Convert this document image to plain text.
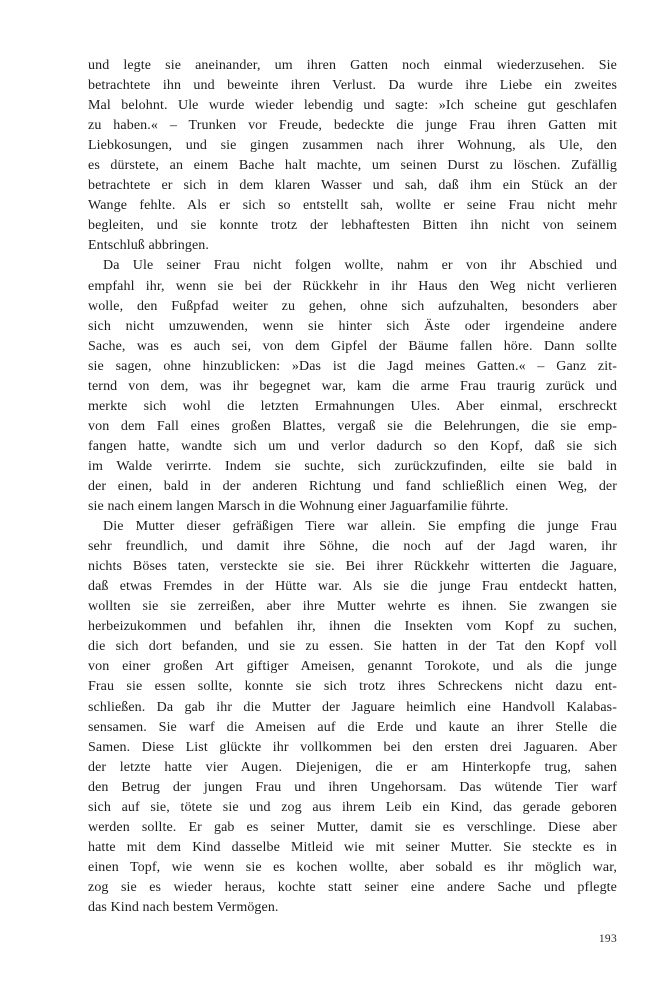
und legte sie aneinander, um ihren Gatten noch einmal wiederzusehen. Sie
betrachtete ihn und beweinte ihren Verlust. Da wurde ihre Liebe ein zweites
Mal belohnt. Ule wurde wieder lebendig und sagte: »Ich scheine gut geschlafen
zu haben.« – Trunken vor Freude, bedeckte die junge Frau ihren Gatten mit
Liebkosungen, und sie gingen zusammen nach ihrer Wohnung, als Ule, den
es dürstete, an einem Bache halt machte, um seinen Durst zu löschen. Zufällig
betrachtete er sich in dem klaren Wasser und sah, daß ihm ein Stück an der
Wange fehlte. Als er sich so entstellt sah, wollte er seine Frau nicht mehr
begleiten, und sie konnte trotz der lebhaftesten Bitten ihn nicht von seinem
Entschluß abbringen.
Da Ule seiner Frau nicht folgen wollte, nahm er von ihr Abschied und
empfahl ihr, wenn sie bei der Rückkehr in ihr Haus den Weg nicht verlieren
wolle, den Fußpfad weiter zu gehen, ohne sich aufzuhalten, besonders aber
sich nicht umzuwenden, wenn sie hinter sich Äste oder irgendeine andere
Sache, was es auch sei, von dem Gipfel der Bäume fallen höre. Dann sollte
sie sagen, ohne hinzublicken: »Das ist die Jagd meines Gatten.« – Ganz zit-
ternd von dem, was ihr begegnet war, kam die arme Frau traurig zurück und
merkte sich wohl die letzten Ermahnungen Ules. Aber einmal, erschreckt
von dem Fall eines großen Blattes, vergaß sie die Belehrungen, die sie emp-
fangen hatte, wandte sich um und verlor dadurch so den Kopf, daß sie sich
im Walde verirrte. Indem sie suchte, sich zurückzufinden, eilte sie bald in
der einen, bald in der anderen Richtung und fand schließlich einen Weg, der
sie nach einem langen Marsch in die Wohnung einer Jaguarfamilie führte.
Die Mutter dieser gefräßigen Tiere war allein. Sie empfing die junge Frau
sehr freundlich, und damit ihre Söhne, die noch auf der Jagd waren, ihr
nichts Böses taten, versteckte sie sie. Bei ihrer Rückkehr witterten die Jaguare,
daß etwas Fremdes in der Hütte war. Als sie die junge Frau entdeckt hatten,
wollten sie sie zerreißen, aber ihre Mutter wehrte es ihnen. Sie zwangen sie
herbeizukommen und befahlen ihr, ihnen die Insekten vom Kopf zu suchen,
die sich dort befanden, und sie zu essen. Sie hatten in der Tat den Kopf voll
von einer großen Art giftiger Ameisen, genannt Torokote, und als die junge
Frau sie essen sollte, konnte sie sich trotz ihres Schreckens nicht dazu ent-
schließen. Da gab ihr die Mutter der Jaguare heimlich eine Handvoll Kalabas-
sensamen. Sie warf die Ameisen auf die Erde und kaute an ihrer Stelle die
Samen. Diese List glückte ihr vollkommen bei den ersten drei Jaguaren. Aber
der letzte hatte vier Augen. Diejenigen, die er am Hinterkopfe trug, sahen
den Betrug der jungen Frau und ihren Ungehorsam. Das wütende Tier warf
sich auf sie, tötete sie und zog aus ihrem Leib ein Kind, das gerade geboren
werden sollte. Er gab es seiner Mutter, damit sie es verschlinge. Diese aber
hatte mit dem Kind dasselbe Mitleid wie mit seiner Mutter. Sie steckte es in
einen Topf, wie wenn sie es kochen wollte, aber sobald es ihr möglich war,
zog sie es wieder heraus, kochte statt seiner eine andere Sache und pflegte
das Kind nach bestem Vermögen.
193
